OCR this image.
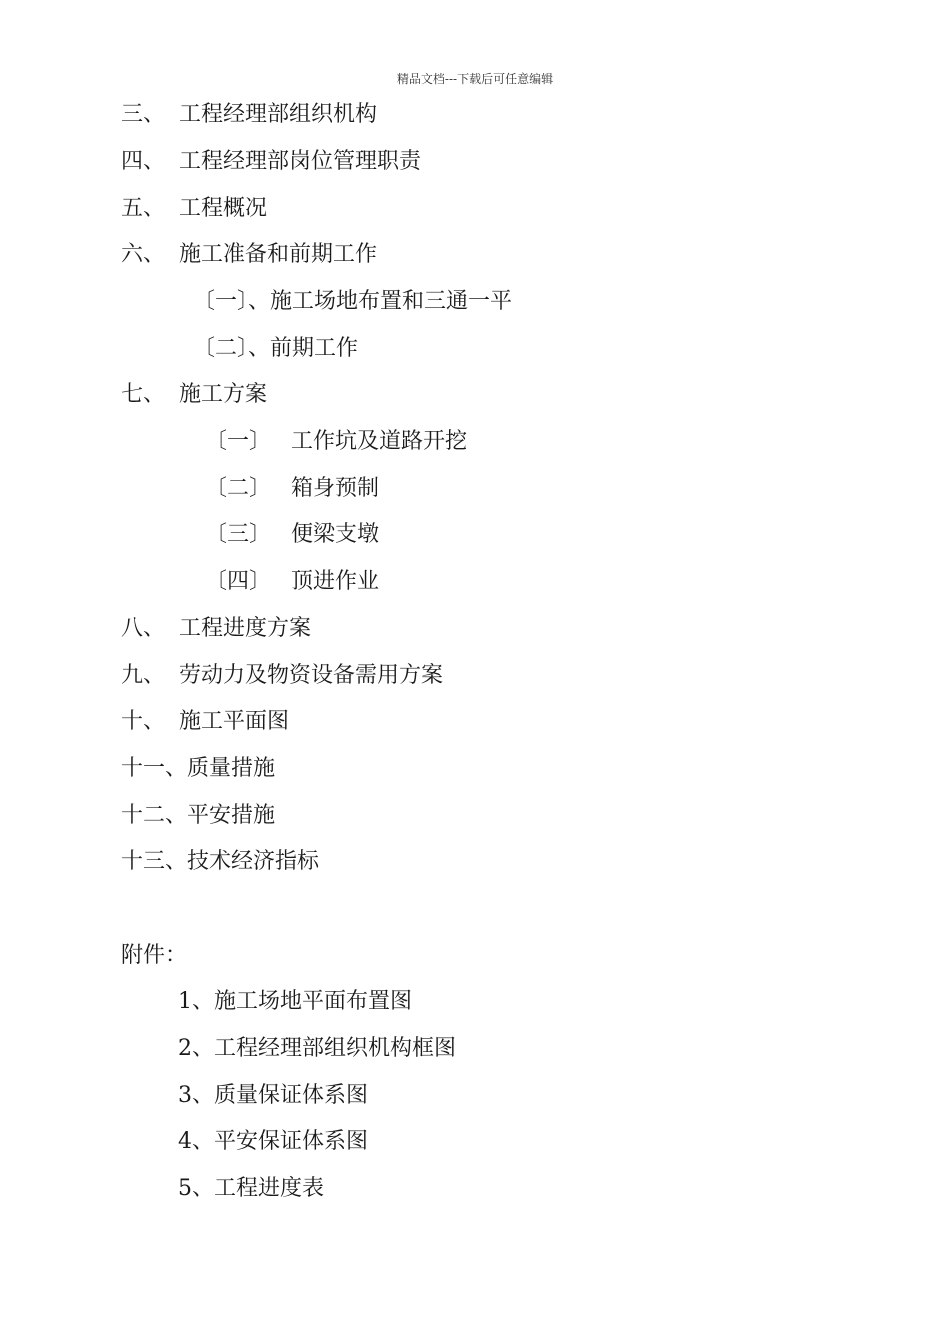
精品文档---下载后可任意编辑
三、 工程经理部组织机构
四、 工程经理部岗位管理职责
五、 工程概况
六、 施工准备和前期工作
〔一〕、施工场地布置和三通一平
〔二〕、前期工作
七、 施工方案
〔一〕 工作坑及道路开挖
〔二〕 箱身预制
〔三〕 便梁支墩
〔四〕 顶进作业
八、 工程进度方案
九、 劳动力及物资设备需用方案
十、 施工平面图
十一、质量措施
十二、平安措施
十三、技术经济指标
附件：
1、施工场地平面布置图
2、工程经理部组织机构框图
3、质量保证体系图
4、平安保证体系图
5、工程进度表
